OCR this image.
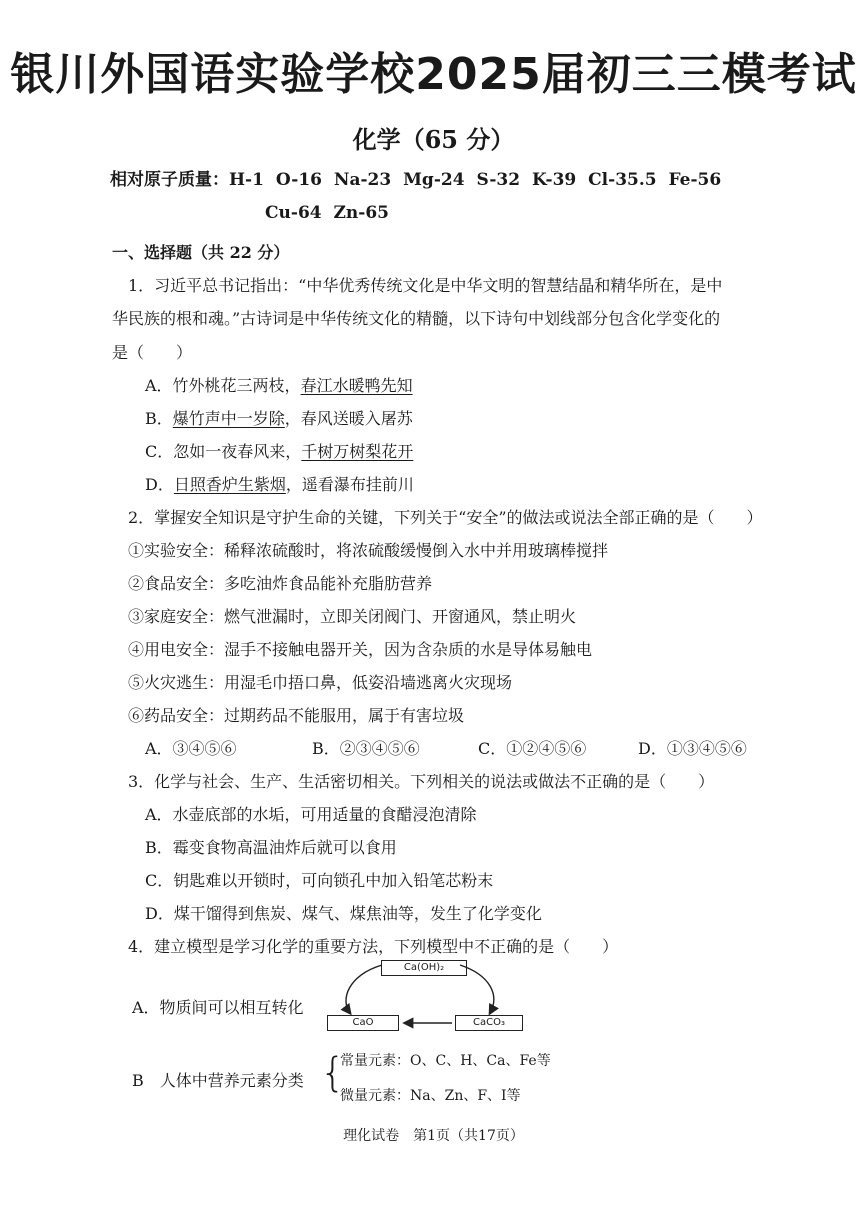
银川外国语实验学校2025届初三三模考试
化学（65 分）
相对原子质量：H-1 O-16 Na-23 Mg-24 S-32 K-39 Cl-35.5 Fe-56
Cu-64 Zn-65
一、选择题（共 22 分）
1．习近平总书记指出：“中华优秀传统文化是中华文明的智慧结晶和精华所在，是中
华民族的根和魂。”古诗词是中华传统文化的精髓，以下诗句中划线部分包含化学变化的
是（　　）
A．竹外桃花三两枝，春江水暖鸭先知
B．爆竹声中一岁除，春风送暖入屠苏
C．忽如一夜春风来，千树万树梨花开
D．日照香炉生紫烟，遥看瀑布挂前川
2．掌握安全知识是守护生命的关键，下列关于“安全”的做法或说法全部正确的是（　　）
①实验安全：稀释浓硫酸时，将浓硫酸缓慢倒入水中并用玻璃棒搅拌
②食品安全：多吃油炸食品能补充脂肪营养
③家庭安全：燃气泄漏时，立即关闭阀门、开窗通风，禁止明火
④用电安全：湿手不接触电器开关，因为含杂质的水是导体易触电
⑤火灾逃生：用湿毛巾捂口鼻，低姿沿墙逃离火灾现场
⑥药品安全：过期药品不能服用，属于有害垃圾
A．③④⑤⑥	B．②③④⑤⑥	C．①②④⑤⑥	D．①③④⑤⑥
3．化学与社会、生产、生活密切相关。下列相关的说法或做法不正确的是（　　）
A．水壶底部的水垢，可用适量的食醋浸泡清除
B．霉变食物高温油炸后就可以食用
C．钥匙难以开锁时，可向锁孔中加入铅笔芯粉末
D．煤干馏得到焦炭、煤气、煤焦油等，发生了化学变化
4．建立模型是学习化学的重要方法，下列模型中不正确的是（　　）
A．物质间可以相互转化
Ca(OH)₂
CaO	CaCO₃
B　人体中营养元素分类 {
常量元素：O、C、H、Ca、Fe等
微量元素：Na、Zn、F、I等
理化试卷　第1页（共17页）
